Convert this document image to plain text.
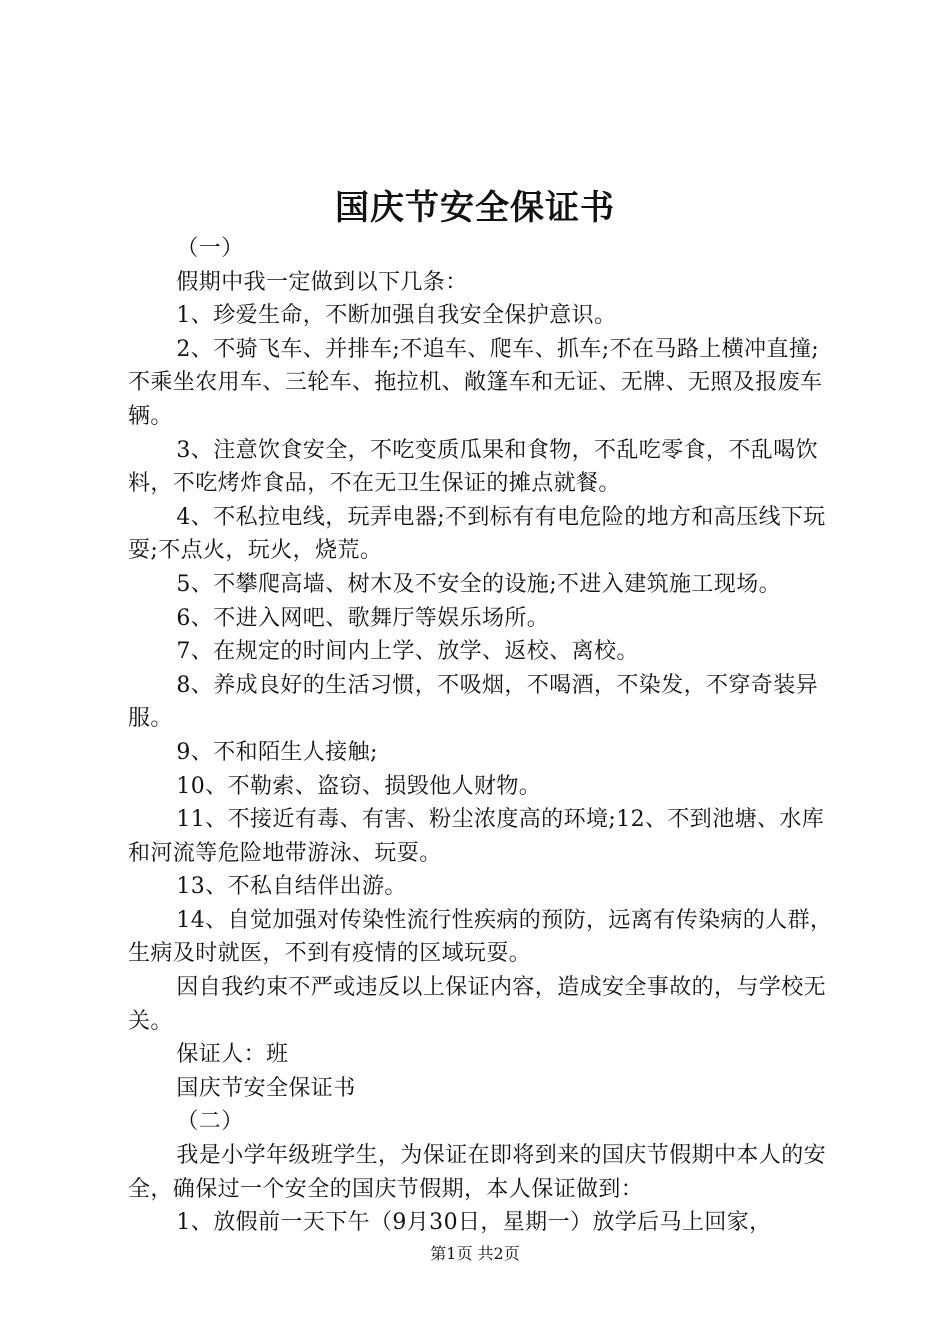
国庆节安全保证书

（一）

假期中我一定做到以下几条：

1、珍爱生命，不断加强自我安全保护意识。

2、不骑飞车、并排车;不追车、爬车、抓车;不在马路上横冲直撞;不乘坐农用车、三轮车、拖拉机、敞篷车和无证、无牌、无照及报废车辆。

3、注意饮食安全，不吃变质瓜果和食物，不乱吃零食，不乱喝饮料，不吃烤炸食品，不在无卫生保证的摊点就餐。

4、不私拉电线，玩弄电器;不到标有有电危险的地方和高压线下玩耍;不点火，玩火，烧荒。

5、不攀爬高墙、树木及不安全的设施;不进入建筑施工现场。

6、不进入网吧、歌舞厅等娱乐场所。

7、在规定的时间内上学、放学、返校、离校。

8、养成良好的生活习惯，不吸烟，不喝酒，不染发，不穿奇装异服。

9、不和陌生人接触;

10、不勒索、盗窃、损毁他人财物。

11、不接近有毒、有害、粉尘浓度高的环境;12、不到池塘、水库和河流等危险地带游泳、玩耍。

13、不私自结伴出游。

14、自觉加强对传染性流行性疾病的预防，远离有传染病的人群，生病及时就医，不到有疫情的区域玩耍。

因自我约束不严或违反以上保证内容，造成安全事故的，与学校无关。

保证人：班

国庆节安全保证书

（二）

我是小学年级班学生，为保证在即将到来的国庆节假期中本人的安全，确保过一个安全的国庆节假期，本人保证做到：

1、放假前一天下午（9月30日，星期一）放学后马上回家，

第1页 共2页
